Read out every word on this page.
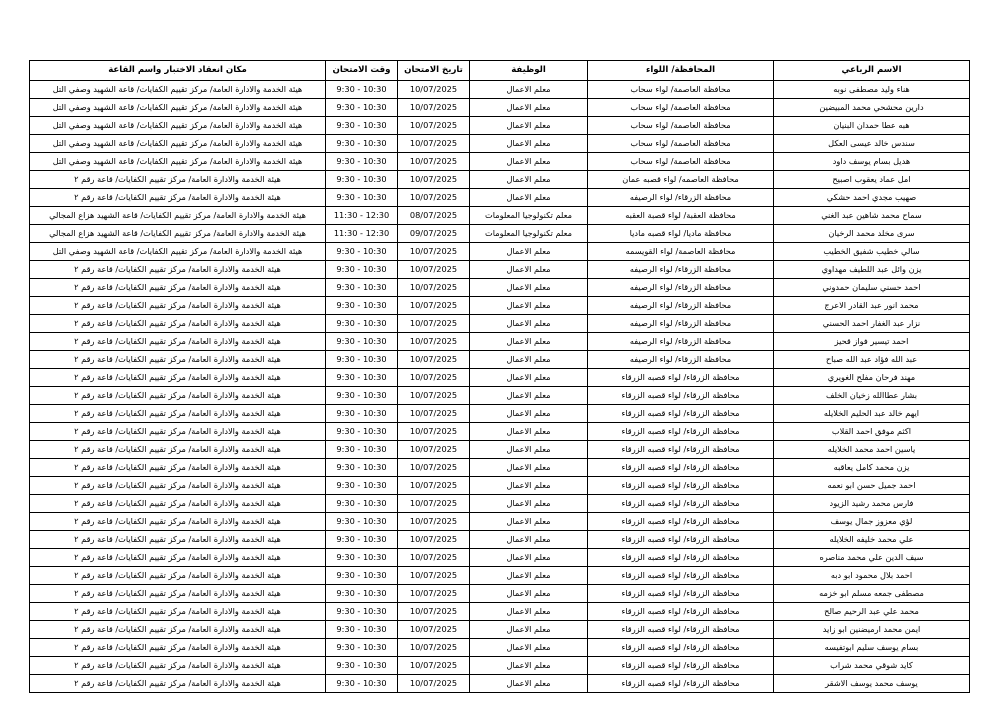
الاسم الرباعي	المحافظة/ اللواء	الوظيفة	تاريخ الامتحان	وقت الامتحان	مكان انعقاد الاختبار واسم القاعة
هناء وليد مصطفى نوبه	محافظة العاصمة/ لواء سحاب	معلم الاعمال	10/07/2025	9:30 - 10:30	هيئة الخدمة والادارة العامة/ مركز تقييم الكفايات/ قاعة الشهيد وصفي التل
دارين محشحي محمد المبيضين	محافظة العاصمة/ لواء سحاب	معلم الاعمال	10/07/2025	9:30 - 10:30	هيئة الخدمة والادارة العامة/ مركز تقييم الكفايات/ قاعة الشهيد وصفي التل
هبه عطا حمدان البنيان	محافظة العاصمة/ لواء سحاب	معلم الاعمال	10/07/2025	9:30 - 10:30	هيئة الخدمة والادارة العامة/ مركز تقييم الكفايات/ قاعة الشهيد وصفي التل
سندس خالد عيسى العكل	محافظة العاصمة/ لواء سحاب	معلم الاعمال	10/07/2025	9:30 - 10:30	هيئة الخدمة والادارة العامة/ مركز تقييم الكفايات/ قاعة الشهيد وصفي التل
هديل بسام يوسف داود	محافظة العاصمة/ لواء سحاب	معلم الاعمال	10/07/2025	9:30 - 10:30	هيئة الخدمة والادارة العامة/ مركز تقييم الكفايات/ قاعة الشهيد وصفي التل
امل عماد يعقوب اصبيح	محافظة العاصمه/ لواء قصبه عمان	معلم الاعمال	10/07/2025	9:30 - 10:30	هيئة الخدمة والادارة العامة/ مركز تقييم الكفايات/ قاعة رقم ٢
صهيب مجدي احمد حشكي	محافظة الزرقاء/ لواء الرصيفه	معلم الاعمال	10/07/2025	9:30 - 10:30	هيئة الخدمة والادارة العامة/ مركز تقييم الكفايات/ قاعة رقم ٢
سماح محمد شاهين عبد الغني	محافظة العقبة/ لواء قصبة العقبه	معلم تكنولوجيا المعلومات	08/07/2025	11:30 - 12:30	هيئة الخدمة والادارة العامة/ مركز تقييم الكفايات/ قاعة الشهيد هزاع المجالي
سرى مخلد محمد الرخيان	محافظة ماديا/ لواء قصبه ماديا	معلم تكنولوجيا المعلومات	09/07/2025	11:30 - 12:30	هيئة الخدمة والادارة العامة/ مركز تقييم الكفايات/ قاعة الشهيد هزاع المجالي
سالي خطيب شفيق الخطيب	محافظة العاصمة/ لواء القويسمه	معلم الاعمال	10/07/2025	9:30 - 10:30	هيئة الخدمة والادارة العامة/ مركز تقييم الكفايات/ قاعة الشهيد وصفي التل
يزن وائل عبد اللطيف مهداوي	محافظة الزرقاء/ لواء الرصيفه	معلم الاعمال	10/07/2025	9:30 - 10:30	هيئة الخدمة والادارة العامة/ مركز تقييم الكفايات/ قاعة رقم ٢
احمد حسني سليمان حمدوني	محافظة الزرقاء/ لواء الرصيفه	معلم الاعمال	10/07/2025	9:30 - 10:30	هيئة الخدمة والادارة العامة/ مركز تقييم الكفايات/ قاعة رقم ٢
محمد انور عبد القادر الاعرج	محافظة الزرقاء/ لواء الرصيفه	معلم الاعمال	10/07/2025	9:30 - 10:30	هيئة الخدمة والادارة العامة/ مركز تقييم الكفايات/ قاعة رقم ٢
نزار عبد الغفار احمد الحسني	محافظة الزرقاء/ لواء الرصيفه	معلم الاعمال	10/07/2025	9:30 - 10:30	هيئة الخدمة والادارة العامة/ مركز تقييم الكفايات/ قاعة رقم ٢
احمد تيسير فواز قحيز	محافظة الزرقاء/ لواء الرصيفه	معلم الاعمال	10/07/2025	9:30 - 10:30	هيئة الخدمة والادارة العامة/ مركز تقييم الكفايات/ قاعة رقم ٢
عبد الله فؤاد عبد الله صباح	محافظة الزرقاء/ لواء الرصيفه	معلم الاعمال	10/07/2025	9:30 - 10:30	هيئة الخدمة والادارة العامة/ مركز تقييم الكفايات/ قاعة رقم ٢
مهند فرحان مفلح الغويري	محافظة الزرقاء/ لواء قصبه الزرقاء	معلم الاعمال	10/07/2025	9:30 - 10:30	هيئة الخدمة والادارة العامة/ مركز تقييم الكفايات/ قاعة رقم ٢
بشار عطاالله زخيان الخلف	محافظة الزرقاء/ لواء قصبه الزرقاء	معلم الاعمال	10/07/2025	9:30 - 10:30	هيئة الخدمة والادارة العامة/ مركز تقييم الكفايات/ قاعة رقم ٢
ايهم خالد عبد الحليم الخلايله	محافظة الزرقاء/ لواء قصبه الزرقاء	معلم الاعمال	10/07/2025	9:30 - 10:30	هيئة الخدمة والادارة العامة/ مركز تقييم الكفايات/ قاعة رقم ٢
اكثم موفق احمد القلاب	محافظة الزرقاء/ لواء قصبه الزرقاء	معلم الاعمال	10/07/2025	9:30 - 10:30	هيئة الخدمة والادارة العامة/ مركز تقييم الكفايات/ قاعة رقم ٢
ياسين احمد محمد الخلايله	محافظة الزرقاء/ لواء قصبه الزرقاء	معلم الاعمال	10/07/2025	9:30 - 10:30	هيئة الخدمة والادارة العامة/ مركز تقييم الكفايات/ قاعة رقم ٢
يزن محمد كامل يعاقبه	محافظة الزرقاء/ لواء قصبه الزرقاء	معلم الاعمال	10/07/2025	9:30 - 10:30	هيئة الخدمة والادارة العامة/ مركز تقييم الكفايات/ قاعة رقم ٢
احمد جميل حسن ابو نعمه	محافظة الزرقاء/ لواء قصبه الزرقاء	معلم الاعمال	10/07/2025	9:30 - 10:30	هيئة الخدمة والادارة العامة/ مركز تقييم الكفايات/ قاعة رقم ٢
فارس محمد رشيد الزيود	محافظة الزرقاء/ لواء قصبه الزرقاء	معلم الاعمال	10/07/2025	9:30 - 10:30	هيئة الخدمة والادارة العامة/ مركز تقييم الكفايات/ قاعة رقم ٢
لؤي معزوز جمال يوسف	محافظة الزرقاء/ لواء قصبه الزرقاء	معلم الاعمال	10/07/2025	9:30 - 10:30	هيئة الخدمة والادارة العامة/ مركز تقييم الكفايات/ قاعة رقم ٢
علي محمد خليفه الخلايله	محافظة الزرقاء/ لواء قصبه الزرقاء	معلم الاعمال	10/07/2025	9:30 - 10:30	هيئة الخدمة والادارة العامة/ مركز تقييم الكفايات/ قاعة رقم ٢
سيف الدين علي محمد مناصره	محافظة الزرقاء/ لواء قصبه الزرقاء	معلم الاعمال	10/07/2025	9:30 - 10:30	هيئة الخدمة والادارة العامة/ مركز تقييم الكفايات/ قاعة رقم ٢
احمد بلال محمود ابو دبه	محافظة الزرقاء/ لواء قصبه الزرقاء	معلم الاعمال	10/07/2025	9:30 - 10:30	هيئة الخدمة والادارة العامة/ مركز تقييم الكفايات/ قاعة رقم ٢
مصطفى جمعه مسلم ابو خزمه	محافظة الزرقاء/ لواء قصبه الزرقاء	معلم الاعمال	10/07/2025	9:30 - 10:30	هيئة الخدمة والادارة العامة/ مركز تقييم الكفايات/ قاعة رقم ٢
محمد علي عبد الرحيم صالح	محافظة الزرقاء/ لواء قصبه الزرقاء	معلم الاعمال	10/07/2025	9:30 - 10:30	هيئة الخدمة والادارة العامة/ مركز تقييم الكفايات/ قاعة رقم ٢
ايمن محمد ارميضنين ابو زايد	محافظة الزرقاء/ لواء قصبه الزرقاء	معلم الاعمال	10/07/2025	9:30 - 10:30	هيئة الخدمة والادارة العامة/ مركز تقييم الكفايات/ قاعة رقم ٢
بسام يوسف سليم ابوتفيسه	محافظة الزرقاء/ لواء قصبه الزرقاء	معلم الاعمال	10/07/2025	9:30 - 10:30	هيئة الخدمة والادارة العامة/ مركز تقييم الكفايات/ قاعة رقم ٢
كايد شوقي محمد شراب	محافظة الزرقاء/ لواء قصبه الزرقاء	معلم الاعمال	10/07/2025	9:30 - 10:30	هيئة الخدمة والادارة العامة/ مركز تقييم الكفايات/ قاعة رقم ٢
يوسف محمد يوسف الاشقر	محافظة الزرقاء/ لواء قصبه الزرقاء	معلم الاعمال	10/07/2025	9:30 - 10:30	هيئة الخدمة والادارة العامة/ مركز تقييم الكفايات/ قاعة رقم ٢
